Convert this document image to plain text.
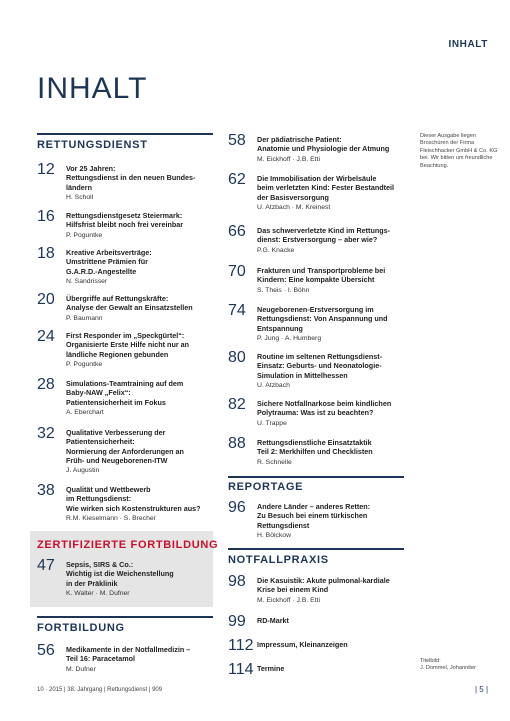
INHALT
INHALT
RETTUNGSDIENST
12 Vor 25 Jahren:
Rettungsdienst in den neuen Bundes-
ländern
H. Scholl
16 Rettungsdienstgesetz Steiermark:
Hilfsfrist bleibt noch frei vereinbar
P. Poguntke
18 Kreative Arbeitsverträge:
Umstrittene Prämien für
G.A.R.D.-Angestellte
N. Sandrisser
20 Übergriffe auf Rettungskräfte:
Analyse der Gewalt an Einsatzstellen
P. Baumann
24 First Responder im „Speckgürtel“:
Organisierte Erste Hilfe nicht nur an
ländliche Regionen gebunden
P. Poguntke
28 Simulations-Teamtraining auf dem
Baby-NAW „Felix“:
Patientensicherheit im Fokus
A. Eberchart
32 Qualitative Verbesserung der
Patientensicherheit:
Normierung der Anforderungen an
Früh- und Neugeborenen-ITW
J. Augustin
38 Qualität und Wettbewerb
im Rettungsdienst:
Wie wirken sich Kostenstrukturen aus?
R.M. Kieselmann · S. Brecher
ZERTIFIZIERTE FORTBILDUNG
47 Sepsis, SIRS & Co.:
Wichtig ist die Weichenstellung
in der Präklinik
K. Walter · M. Dufner
FORTBILDUNG
56 Medikamente in der Notfallmedizin –
Teil 16: Paracetamol
M. Dufner
58 Der pädiatrische Patient:
Anatomie und Physiologie der Atmung
M. Eickhoff · J.B. Etti
62 Die Immobilisation der Wirbelsäule
beim verletzten Kind: Fester Bestandteil
der Basisversorgung
U. Atzbach · M. Kreinest
66 Das schwerverletzte Kind im Rettungs-
dienst: Erstversorgung – aber wie?
P.G. Knacke
70 Frakturen und Transportprobleme bei
Kindern: Eine kompakte Übersicht
S. Theis · I. Böhn
74 Neugeborenen-Erstversorgung im
Rettungsdienst: Von Anspannung und
Entspannung
P. Jung · A. Humberg
80 Routine im seltenen Rettungsdienst-
Einsatz: Geburts- und Neonatologie-
Simulation in Mittelhessen
U. Atzbach
82 Sichere Notfallnarkose beim kindlichen
Polytrauma: Was ist zu beachten?
U. Trappe
88 Rettungsdienstliche Einsatztaktik
Teil 2: Merkhilfen und Checklisten
R. Schnelle
REPORTAGE
96 Andere Länder – anderes Retten:
Zu Besuch bei einem türkischen
Rettungsdienst
H. Bölckow
NOTFALLPRAXIS
98 Die Kasuistik: Akute pulmonal-kardiale
Krise bei einem Kind
M. Eickhoff · J.B. Etti
99 RD-Markt
112 Impressum, Kleinanzeigen
114 Termine
Dieser Ausgabe liegen Broschüren der Firma Fleischhacker GmbH & Co. KG bei. Wir bitten um freundliche Beachtung.
Titelbild:
J. Dommel, Johanniter
10 · 2015 | 38. Jahrgang | Rettungsdienst | 909	| 5 |
